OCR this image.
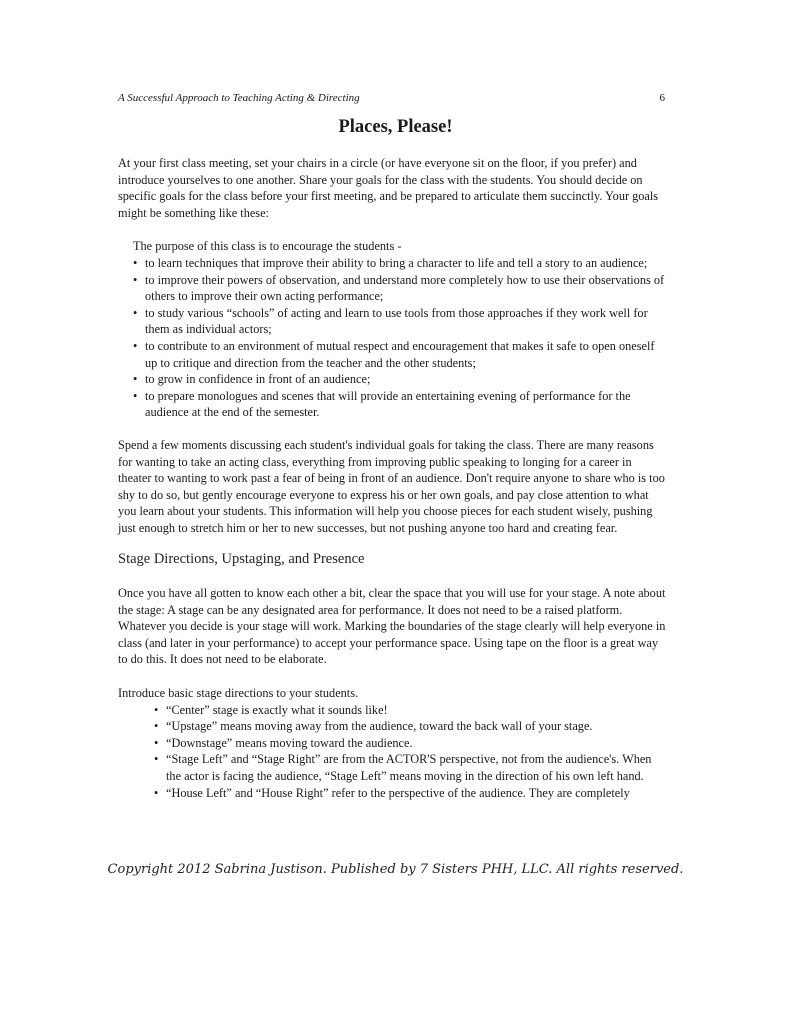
A Successful Approach to Teaching Acting & Directing	6
Places, Please!

At your first class meeting, set your chairs in a circle (or have everyone sit on the floor, if you prefer) and introduce yourselves to one another. Share your goals for the class with the students. You should decide on specific goals for the class before your first meeting, and be prepared to articulate them succinctly. Your goals might be something like these:

The purpose of this class is to encourage the students -

• to learn techniques that improve their ability to bring a character to life and tell a story to an audience;
• to improve their powers of observation, and understand more completely how to use their observations of others to improve their own acting performance;
• to study various “schools” of acting and learn to use tools from those approaches if they work well for them as individual actors;
• to contribute to an environment of mutual respect and encouragement that makes it safe to open oneself up to critique and direction from the teacher and the other students;
• to grow in confidence in front of an audience;
• to prepare monologues and scenes that will provide an entertaining evening of performance for the audience at the end of the semester.

Spend a few moments discussing each student's individual goals for taking the class. There are many reasons for wanting to take an acting class, everything from improving public speaking to longing for a career in theater to wanting to work past a fear of being in front of an audience. Don't require anyone to share who is too shy to do so, but gently encourage everyone to express his or her own goals, and pay close attention to what you learn about your students. This information will help you choose pieces for each student wisely, pushing just enough to stretch him or her to new successes, but not pushing anyone too hard and creating fear.

Stage Directions, Upstaging, and Presence

Once you have all gotten to know each other a bit, clear the space that you will use for your stage. A note about the stage: A stage can be any designated area for performance. It does not need to be a raised platform. Whatever you decide is your stage will work. Marking the boundaries of the stage clearly will help everyone in class (and later in your performance) to accept your performance space. Using tape on the floor is a great way to do this. It does not need to be elaborate.

Introduce basic stage directions to your students.

• “Center” stage is exactly what it sounds like!
• “Upstage” means moving away from the audience, toward the back wall of your stage.
• “Downstage” means moving toward the audience.
• “Stage Left” and “Stage Right” are from the ACTOR'S perspective, not from the audience's. When the actor is facing the audience, “Stage Left” means moving in the direction of his own left hand.
• “House Left” and “House Right” refer to the perspective of the audience. They are completely
Copyright 2012 Sabrina Justison. Published by 7 Sisters PHH, LLC. All rights reserved.
